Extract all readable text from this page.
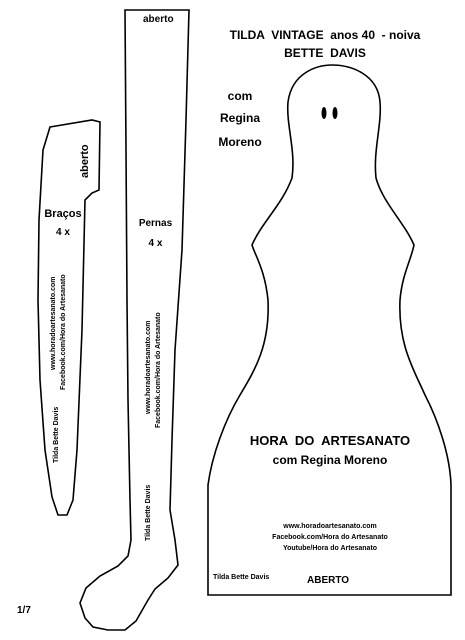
TILDA  VINTAGE  anos 40  - noiva
BETTE  DAVIS
com
Regina
Moreno
aberto
Braços
4 x
www.horadoartesanato.com Facebook.com/Hora do Artesanato
Tilda Bette Davis
aberto
Pernas
4 x
www.horadoartesanato.com Facebook.com/Hora do Artesanato
Tilda Bette Davis
HORA  DO  ARTESANATO
com Regina Moreno
www.horadoartesanato.com
Facebook.com/Hora do Artesanato
Youtube/Hora do Artesanato
Tilda Bette Davis	ABERTO
1/7
